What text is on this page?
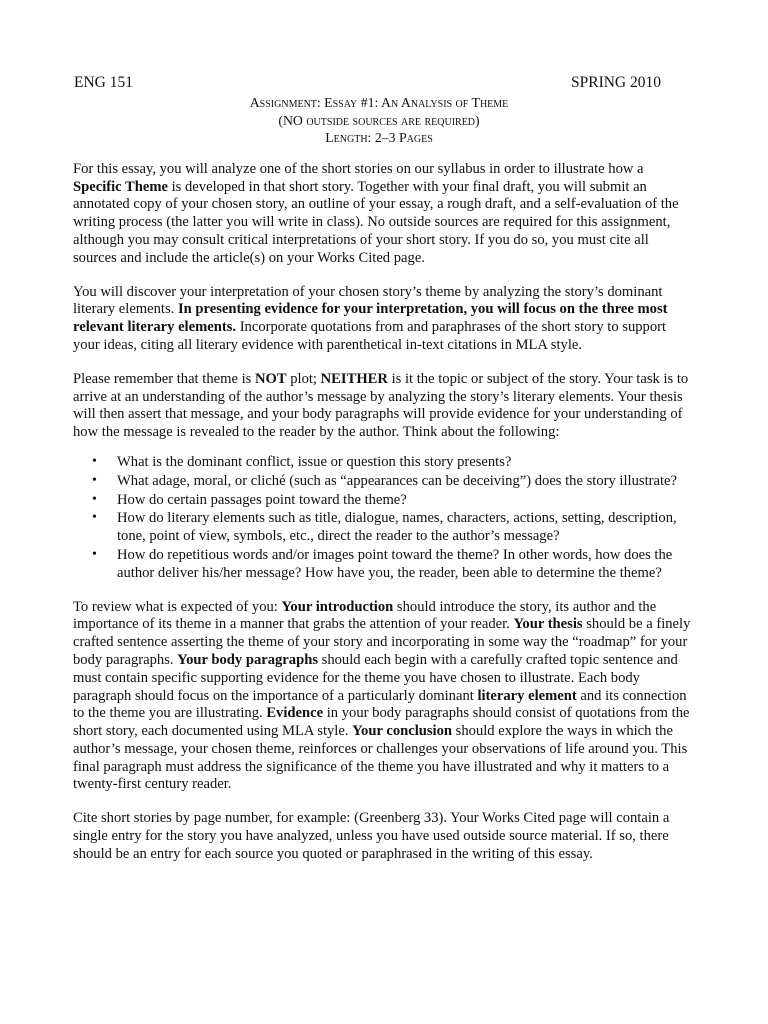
ENG 151	SPRING 2010
Assignment: Essay #1: An Analysis of Theme
(NO outside sources are required)
Length: 2–3 Pages

For this essay, you will analyze one of the short stories on our syllabus in order to illustrate how a Specific Theme is developed in that short story. Together with your final draft, you will submit an annotated copy of your chosen story, an outline of your essay, a rough draft, and a self-evaluation of the writing process (the latter you will write in class). No outside sources are required for this assignment, although you may consult critical interpretations of your short story. If you do so, you must cite all sources and include the article(s) on your Works Cited page.

You will discover your interpretation of your chosen story’s theme by analyzing the story’s dominant literary elements. In presenting evidence for your interpretation, you will focus on the three most relevant literary elements. Incorporate quotations from and paraphrases of the short story to support your ideas, citing all literary evidence with parenthetical in-text citations in MLA style.

Please remember that theme is NOT plot; NEITHER is it the topic or subject of the story. Your task is to arrive at an understanding of the author’s message by analyzing the story’s literary elements. Your thesis will then assert that message, and your body paragraphs will provide evidence for your understanding of how the message is revealed to the reader by the author. Think about the following:

• What is the dominant conflict, issue or question this story presents?
• What adage, moral, or cliché (such as “appearances can be deceiving”) does the story illustrate?
• How do certain passages point toward the theme?
• How do literary elements such as title, dialogue, names, characters, actions, setting, description, tone, point of view, symbols, etc., direct the reader to the author’s message?
• How do repetitious words and/or images point toward the theme? In other words, how does the author deliver his/her message? How have you, the reader, been able to determine the theme?

To review what is expected of you: Your introduction should introduce the story, its author and the importance of its theme in a manner that grabs the attention of your reader. Your thesis should be a finely crafted sentence asserting the theme of your story and incorporating in some way the “roadmap” for your body paragraphs. Your body paragraphs should each begin with a carefully crafted topic sentence and must contain specific supporting evidence for the theme you have chosen to illustrate. Each body paragraph should focus on the importance of a particularly dominant literary element and its connection to the theme you are illustrating. Evidence in your body paragraphs should consist of quotations from the short story, each documented using MLA style. Your conclusion should explore the ways in which the author’s message, your chosen theme, reinforces or challenges your observations of life around you. This final paragraph must address the significance of the theme you have illustrated and why it matters to a twenty-first century reader.

Cite short stories by page number, for example: (Greenberg 33). Your Works Cited page will contain a single entry for the story you have analyzed, unless you have used outside source material. If so, there should be an entry for each source you quoted or paraphrased in the writing of this essay.
